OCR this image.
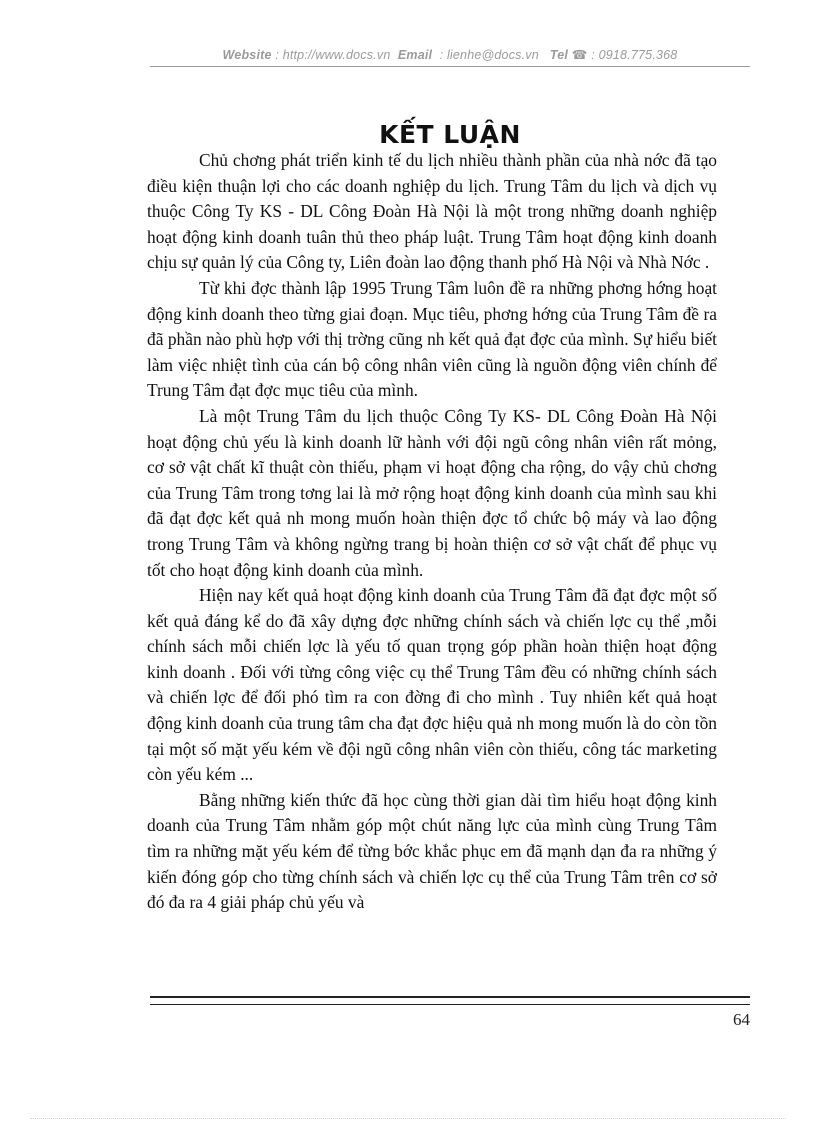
Website : http://www.docs.vn Email : lienhe@docs.vn Tel ☎ : 0918.775.368
KẾT LUẬN

Chủ chơng phát triển kinh tế du lịch nhiều thành phần của nhà nớc đã tạo điều kiện thuận lợi cho các doanh nghiệp du lịch. Trung Tâm du lịch và dịch vụ thuộc Công Ty KS - DL Công Đoàn Hà Nội là một trong những doanh nghiệp hoạt động kinh doanh tuân thủ theo pháp luật. Trung Tâm hoạt động kinh doanh chịu sự quản lý của Công ty, Liên đoàn lao động thanh phố Hà Nội và Nhà Nớc .

Từ khi đợc thành lập 1995 Trung Tâm luôn đề ra những phơng hớng hoạt động kinh doanh theo từng giai đoạn. Mục tiêu, phơng hớng của Trung Tâm đề ra đã phần nào phù hợp với thị trờng cũng nh kết quả đạt đợc của mình. Sự hiểu biết làm việc nhiệt tình của cán bộ công nhân viên cũng là nguồn động viên chính để Trung Tâm đạt đợc mục tiêu của mình.

Là một Trung Tâm du lịch thuộc Công Ty KS- DL Công Đoàn Hà Nội hoạt động chủ yếu là kinh doanh lữ hành với đội ngũ công nhân viên rất mỏng, cơ sở vật chất kĩ thuật còn thiếu, phạm vi hoạt động cha rộng, do vậy chủ chơng của Trung Tâm trong tơng lai là mở rộng hoạt động kinh doanh của mình sau khi đã đạt đợc kết quả nh mong muốn hoàn thiện đợc tổ chức bộ máy và lao động trong Trung Tâm và không ngừng trang bị hoàn thiện cơ sở vật chất để phục vụ tốt cho hoạt động kinh doanh của mình.

Hiện nay kết quả hoạt động kinh doanh của Trung Tâm đã đạt đợc một số kết quả đáng kể do đã xây dựng đợc những chính sách và chiến lợc cụ thể ,mỗi chính sách mỗi chiến lợc là yếu tố quan trọng góp phần hoàn thiện hoạt động kinh doanh . Đối với từng công việc cụ thể Trung Tâm đều có những chính sách và chiến lợc để đối phó tìm ra con đờng đi cho mình . Tuy nhiên kết quả hoạt động kinh doanh của trung tâm cha đạt đợc hiệu quả nh mong muốn là do còn tồn tại một số mặt yếu kém về đội ngũ công nhân viên còn thiếu, công tác marketing còn yếu kém ...

Bằng những kiến thức đã học cùng thời gian dài tìm hiểu hoạt động kinh doanh của Trung Tâm nhằm góp một chút năng lực của mình cùng Trung Tâm tìm ra những mặt yếu kém để từng bớc khắc phục em đã mạnh dạn đa ra những ý kiến đóng góp cho từng chính sách và chiến lợc cụ thể của Trung Tâm trên cơ sở đó đa ra 4 giải pháp chủ yếu và

64
